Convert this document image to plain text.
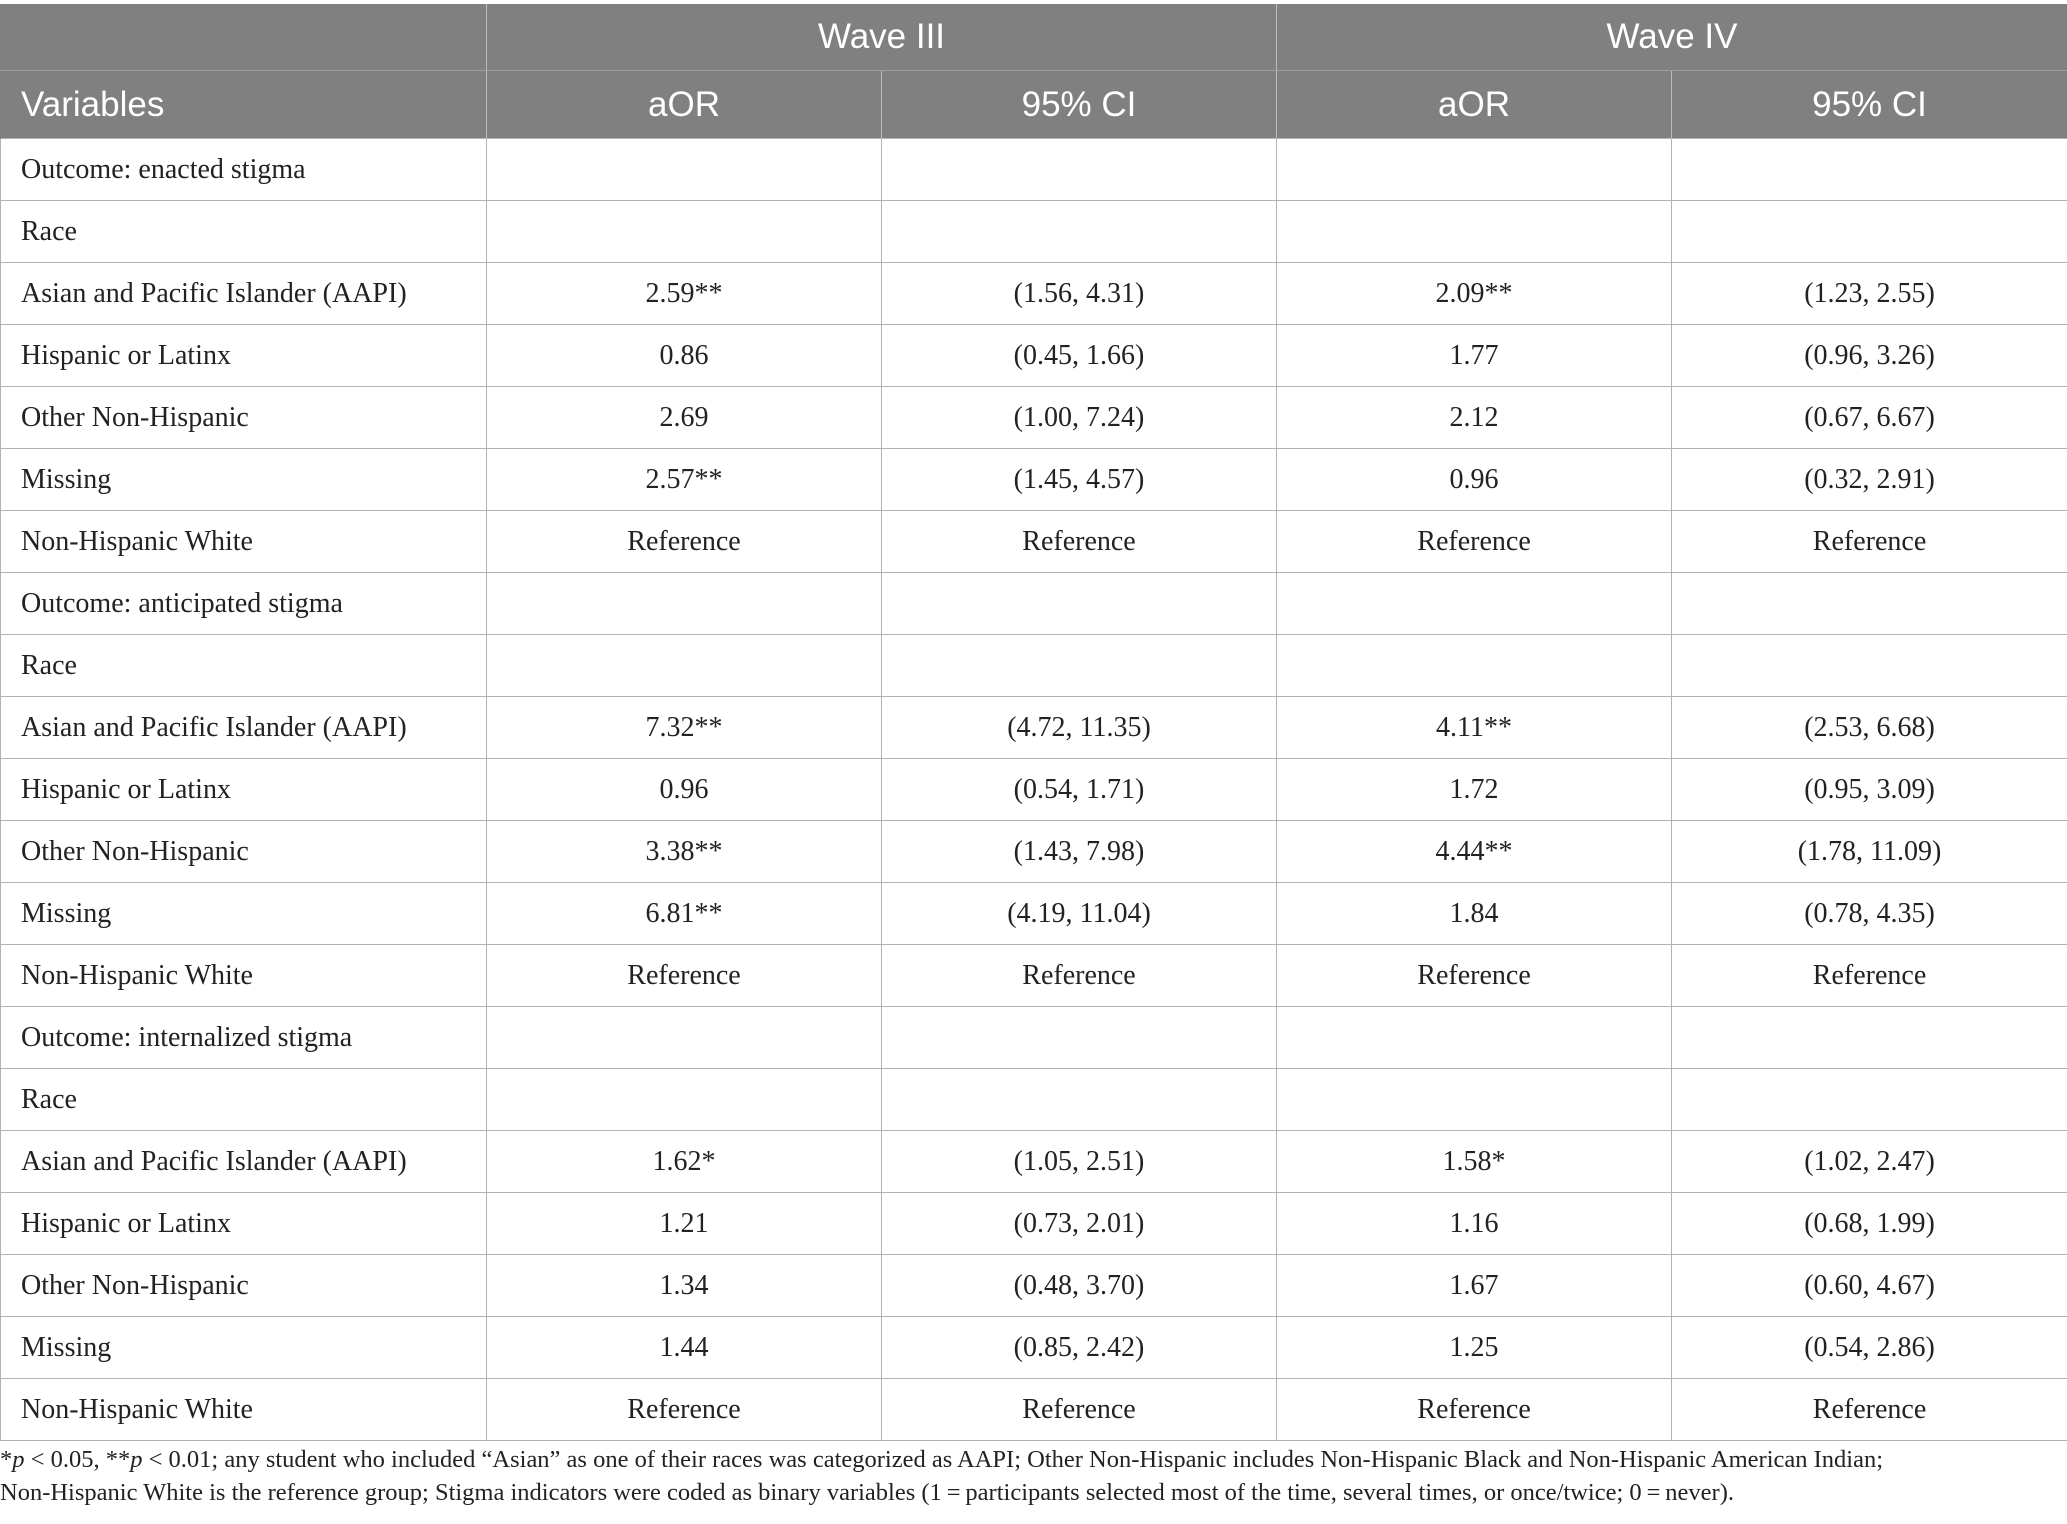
	Wave III		Wave IV	
Variables	aOR	95% CI	aOR	95% CI
Outcome: enacted stigma				
Race				
Asian and Pacific Islander (AAPI)	2.59**	(1.56, 4.31)	2.09**	(1.23, 2.55)
Hispanic or Latinx	0.86	(0.45, 1.66)	1.77	(0.96, 3.26)
Other Non-Hispanic	2.69	(1.00, 7.24)	2.12	(0.67, 6.67)
Missing	2.57**	(1.45, 4.57)	0.96	(0.32, 2.91)
Non-Hispanic White	Reference	Reference	Reference	Reference
Outcome: anticipated stigma				
Race				
Asian and Pacific Islander (AAPI)	7.32**	(4.72, 11.35)	4.11**	(2.53, 6.68)
Hispanic or Latinx	0.96	(0.54, 1.71)	1.72	(0.95, 3.09)
Other Non-Hispanic	3.38**	(1.43, 7.98)	4.44**	(1.78, 11.09)
Missing	6.81**	(4.19, 11.04)	1.84	(0.78, 4.35)
Non-Hispanic White	Reference	Reference	Reference	Reference
Outcome: internalized stigma				
Race				
Asian and Pacific Islander (AAPI)	1.62*	(1.05, 2.51)	1.58*	(1.02, 2.47)
Hispanic or Latinx	1.21	(0.73, 2.01)	1.16	(0.68, 1.99)
Other Non-Hispanic	1.34	(0.48, 3.70)	1.67	(0.60, 4.67)
Missing	1.44	(0.85, 2.42)	1.25	(0.54, 2.86)
Non-Hispanic White	Reference	Reference	Reference	Reference

*p < 0.05, **p < 0.01; any student who included “Asian” as one of their races was categorized as AAPI; Other Non-Hispanic includes Non-Hispanic Black and Non-Hispanic American Indian;
Non-Hispanic White is the reference group; Stigma indicators were coded as binary variables (1 = participants selected most of the time, several times, or once/twice; 0 = never).
